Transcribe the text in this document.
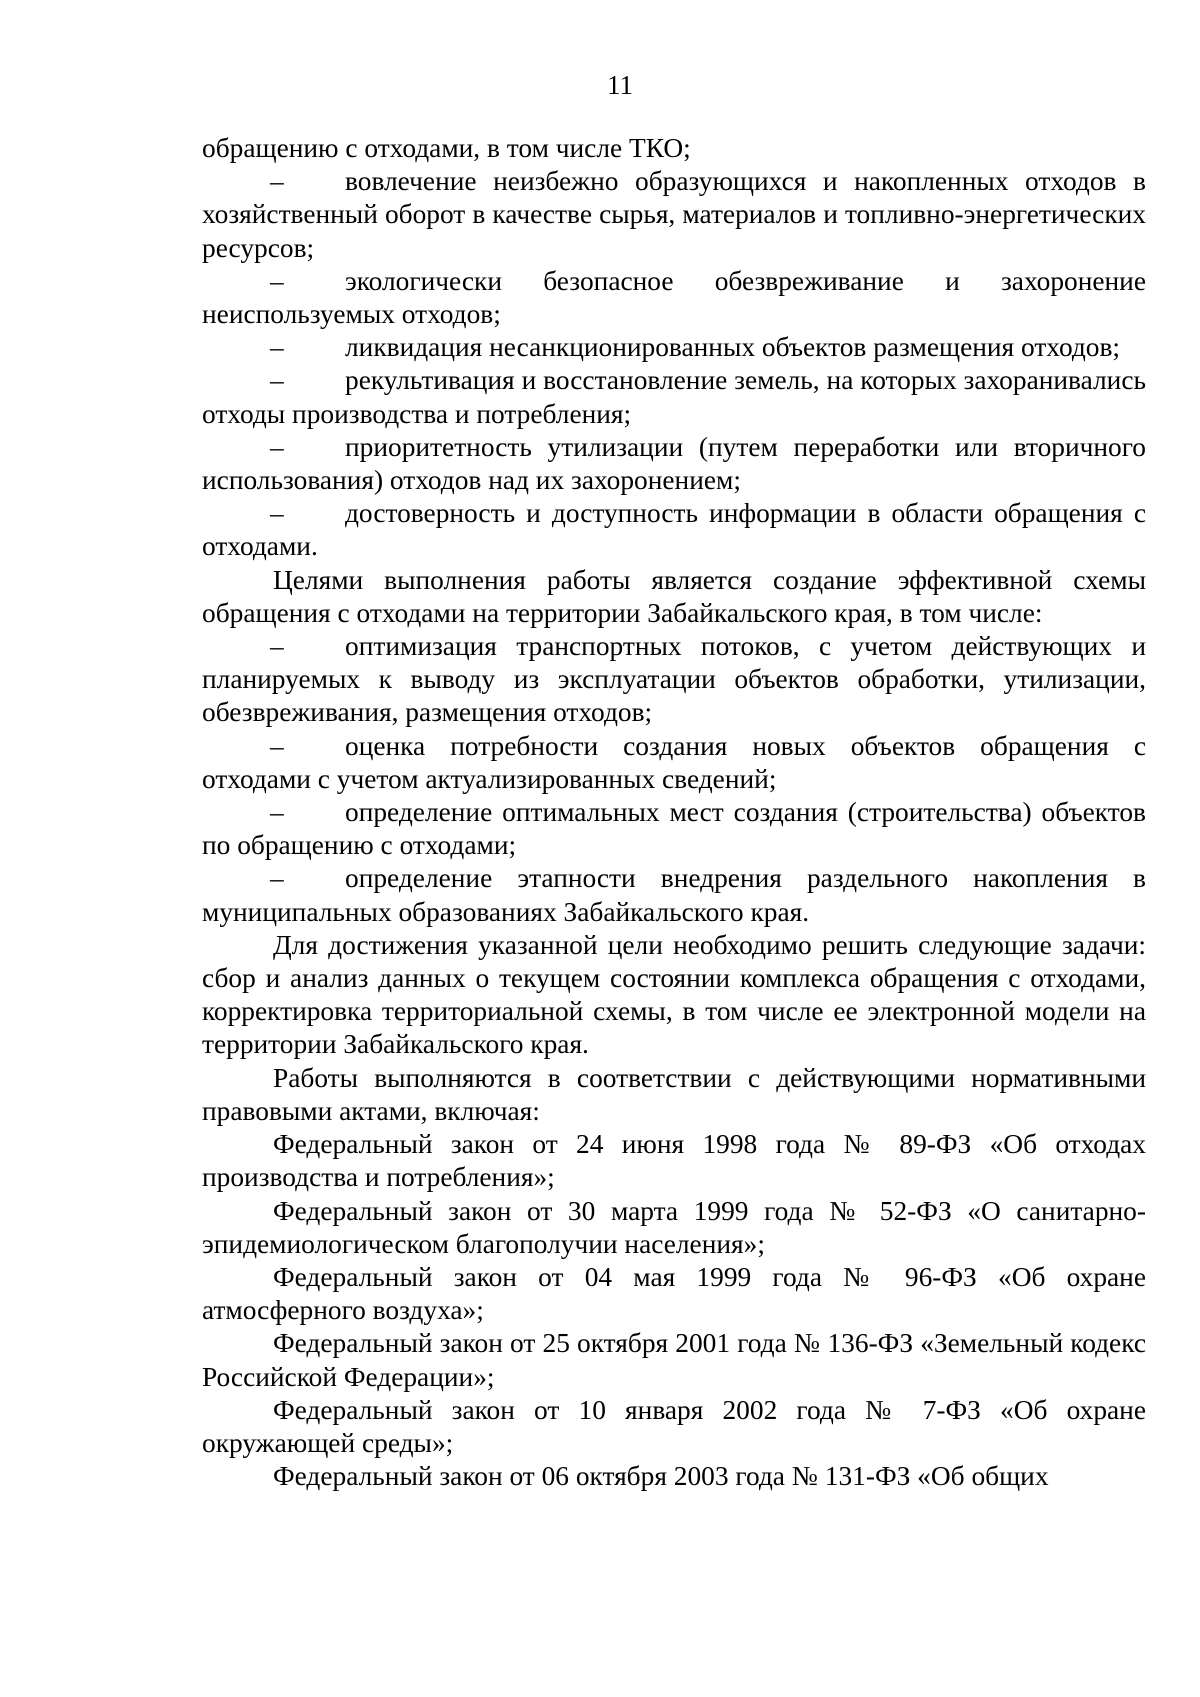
11

обращению с отходами, в том числе ТКО;

– вовлечение неизбежно образующихся и накопленных отходов в хозяйственный оборот в качестве сырья, материалов и топливно-энергетических ресурсов;

– экологически безопасное обезвреживание и захоронение неиспользуемых отходов;

– ликвидация несанкционированных объектов размещения отходов;

– рекультивация и восстановление земель, на которых захоранивались отходы производства и потребления;

– приоритетность утилизации (путем переработки или вторичного использования) отходов над их захоронением;

– достоверность и доступность информации в области обращения с отходами.

Целями выполнения работы является создание эффективной схемы обращения с отходами на территории Забайкальского края, в том числе:

– оптимизация транспортных потоков, с учетом действующих и планируемых к выводу из эксплуатации объектов обработки, утилизации, обезвреживания, размещения отходов;

– оценка потребности создания новых объектов обращения с отходами с учетом актуализированных сведений;

– определение оптимальных мест создания (строительства) объектов по обращению с отходами;

– определение этапности внедрения раздельного накопления в муниципальных образованиях Забайкальского края.

Для достижения указанной цели необходимо решить следующие задачи: сбор и анализ данных о текущем состоянии комплекса обращения с отходами, корректировка территориальной схемы, в том числе ее электронной модели на территории Забайкальского края.

Работы выполняются в соответствии с действующими нормативными правовыми актами, включая:

Федеральный закон от 24 июня 1998 года № 89-ФЗ «Об отходах производства и потребления»;

Федеральный закон от 30 марта 1999 года № 52-ФЗ «О санитарно-эпидемиологическом благополучии населения»;

Федеральный закон от 04 мая 1999 года № 96-ФЗ «Об охране атмосферного воздуха»;

Федеральный закон от 25 октября 2001 года № 136-ФЗ «Земельный кодекс Российской Федерации»;

Федеральный закон от 10 января 2002 года № 7-ФЗ «Об охране окружающей среды»;

Федеральный закон от 06 октября 2003 года № 131-ФЗ «Об общих
